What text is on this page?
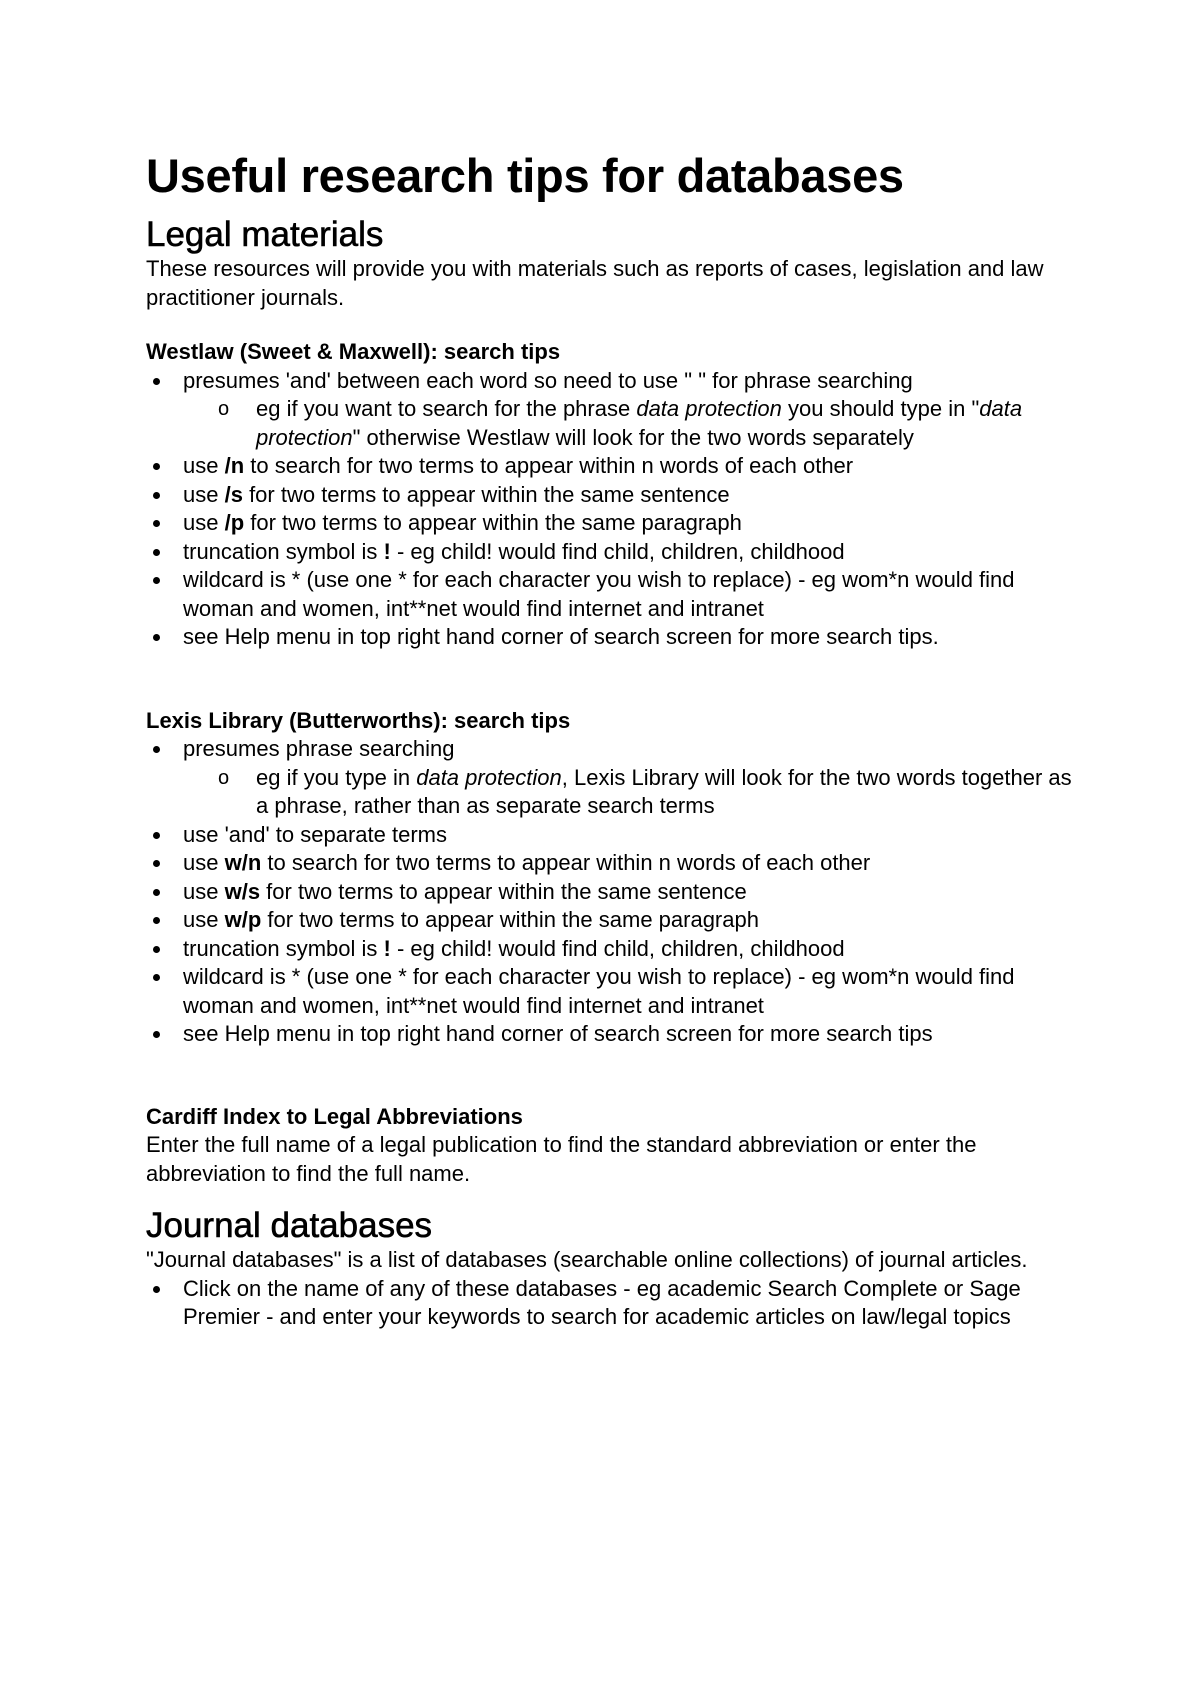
Useful research tips for databases
Legal materials

These resources will provide you with materials such as reports of cases, legislation and law practitioner journals.

Westlaw (Sweet & Maxwell): search tips

presumes 'and' between each word so need to use " " for phrase searching
o eg if you want to search for the phrase data protection you should type in "data protection" otherwise Westlaw will look for the two words separately
use /n to search for two terms to appear within n words of each other
use /s for two terms to appear within the same sentence
use /p for two terms to appear within the same paragraph
truncation symbol is ! - eg child! would find child, children, childhood
wildcard is * (use one * for each character you wish to replace) - eg wom*n would find woman and women, int**net would find internet and intranet
see Help menu in top right hand corner of search screen for more search tips.

Lexis Library (Butterworths): search tips

presumes phrase searching
o eg if you type in data protection, Lexis Library will look for the two words together as a phrase, rather than as separate search terms
use 'and' to separate terms
use w/n to search for two terms to appear within n words of each other
use w/s for two terms to appear within the same sentence
use w/p for two terms to appear within the same paragraph
truncation symbol is ! - eg child! would find child, children, childhood
wildcard is * (use one * for each character you wish to replace) - eg wom*n would find woman and women, int**net would find internet and intranet
see Help menu in top right hand corner of search screen for more search tips

Cardiff Index to Legal Abbreviations

Enter the full name of a legal publication to find the standard abbreviation or enter the abbreviation to find the full name.

Journal databases

"Journal databases" is a list of databases (searchable online collections) of journal articles.

Click on the name of any of these databases - eg academic Search Complete or Sage Premier - and enter your keywords to search for academic articles on law/legal topics
